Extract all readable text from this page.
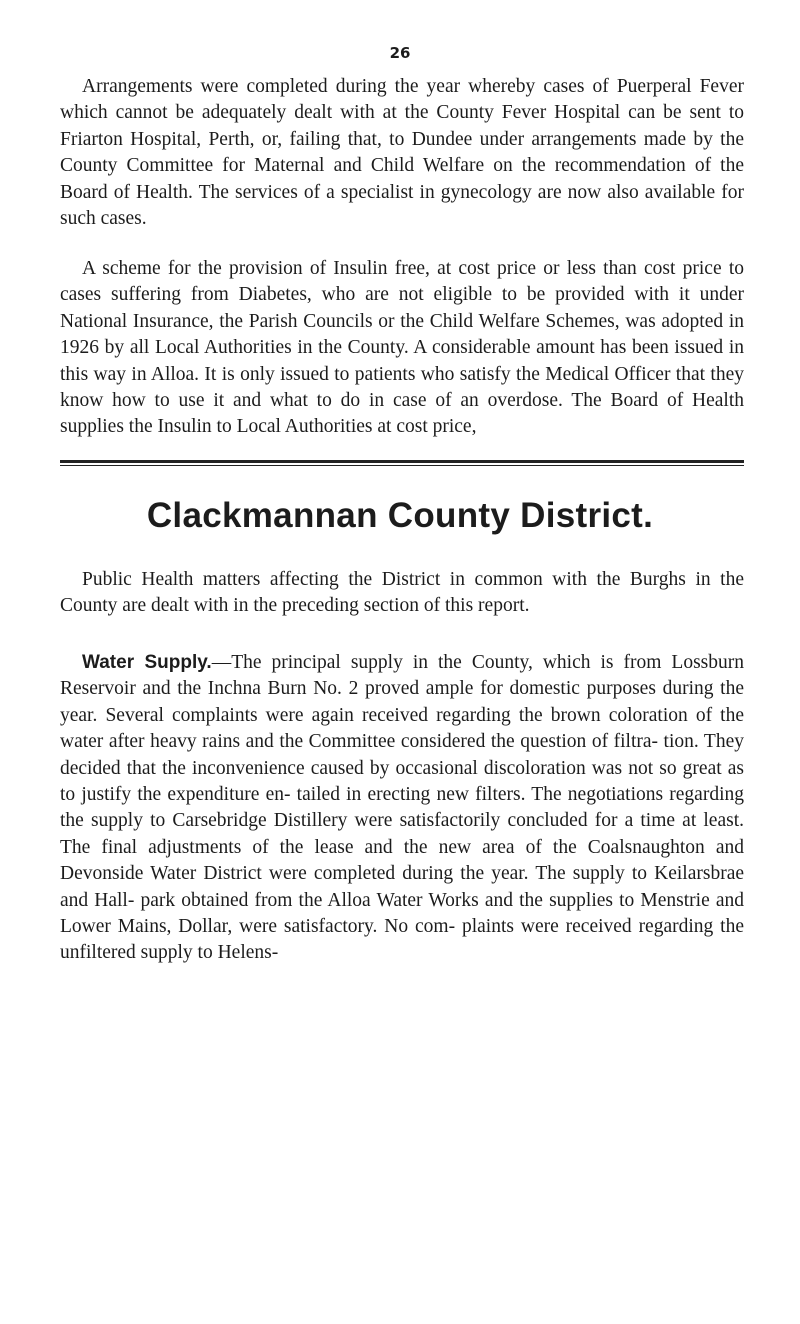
26

Arrangements were completed during the year whereby cases of Puerperal Fever which cannot be adequately dealt with at the County Fever Hospital can be sent to Friarton Hospital, Perth, or, failing that, to Dundee under arrangements made by the County Committee for Maternal and Child Welfare on the recommendation of the Board of Health. The services of a specialist in gynecology are now also available for such cases.

A scheme for the provision of Insulin free, at cost price or less than cost price to cases suffering from Diabetes, who are not eligible to be provided with it under National Insurance, the Parish Councils or the Child Welfare Schemes, was adopted in 1926 by all Local Authorities in the County. A considerable amount has been issued in this way in Alloa. It is only issued to patients who satisfy the Medical Officer that they know how to use it and what to do in case of an overdose. The Board of Health supplies the Insulin to Local Authorities at cost price,

Clackmannan County District.

Public Health matters affecting the District in common with the Burghs in the County are dealt with in the preceding section of this report.

Water Supply.—The principal supply in the County, which is from Lossburn Reservoir and the Inchna Burn No. 2 proved ample for domestic purposes during the year. Several complaints were again received regarding the brown coloration of the water after heavy rains and the Committee considered the question of filtra- tion. They decided that the inconvenience caused by occasional discoloration was not so great as to justify the expenditure en- tailed in erecting new filters. The negotiations regarding the supply to Carsebridge Distillery were satisfactorily concluded for a time at least. The final adjustments of the lease and the new area of the Coalsnaughton and Devonside Water District were completed during the year. The supply to Keilarsbrae and Hall- park obtained from the Alloa Water Works and the supplies to Menstrie and Lower Mains, Dollar, were satisfactory. No com- plaints were received regarding the unfiltered supply to Helens-
